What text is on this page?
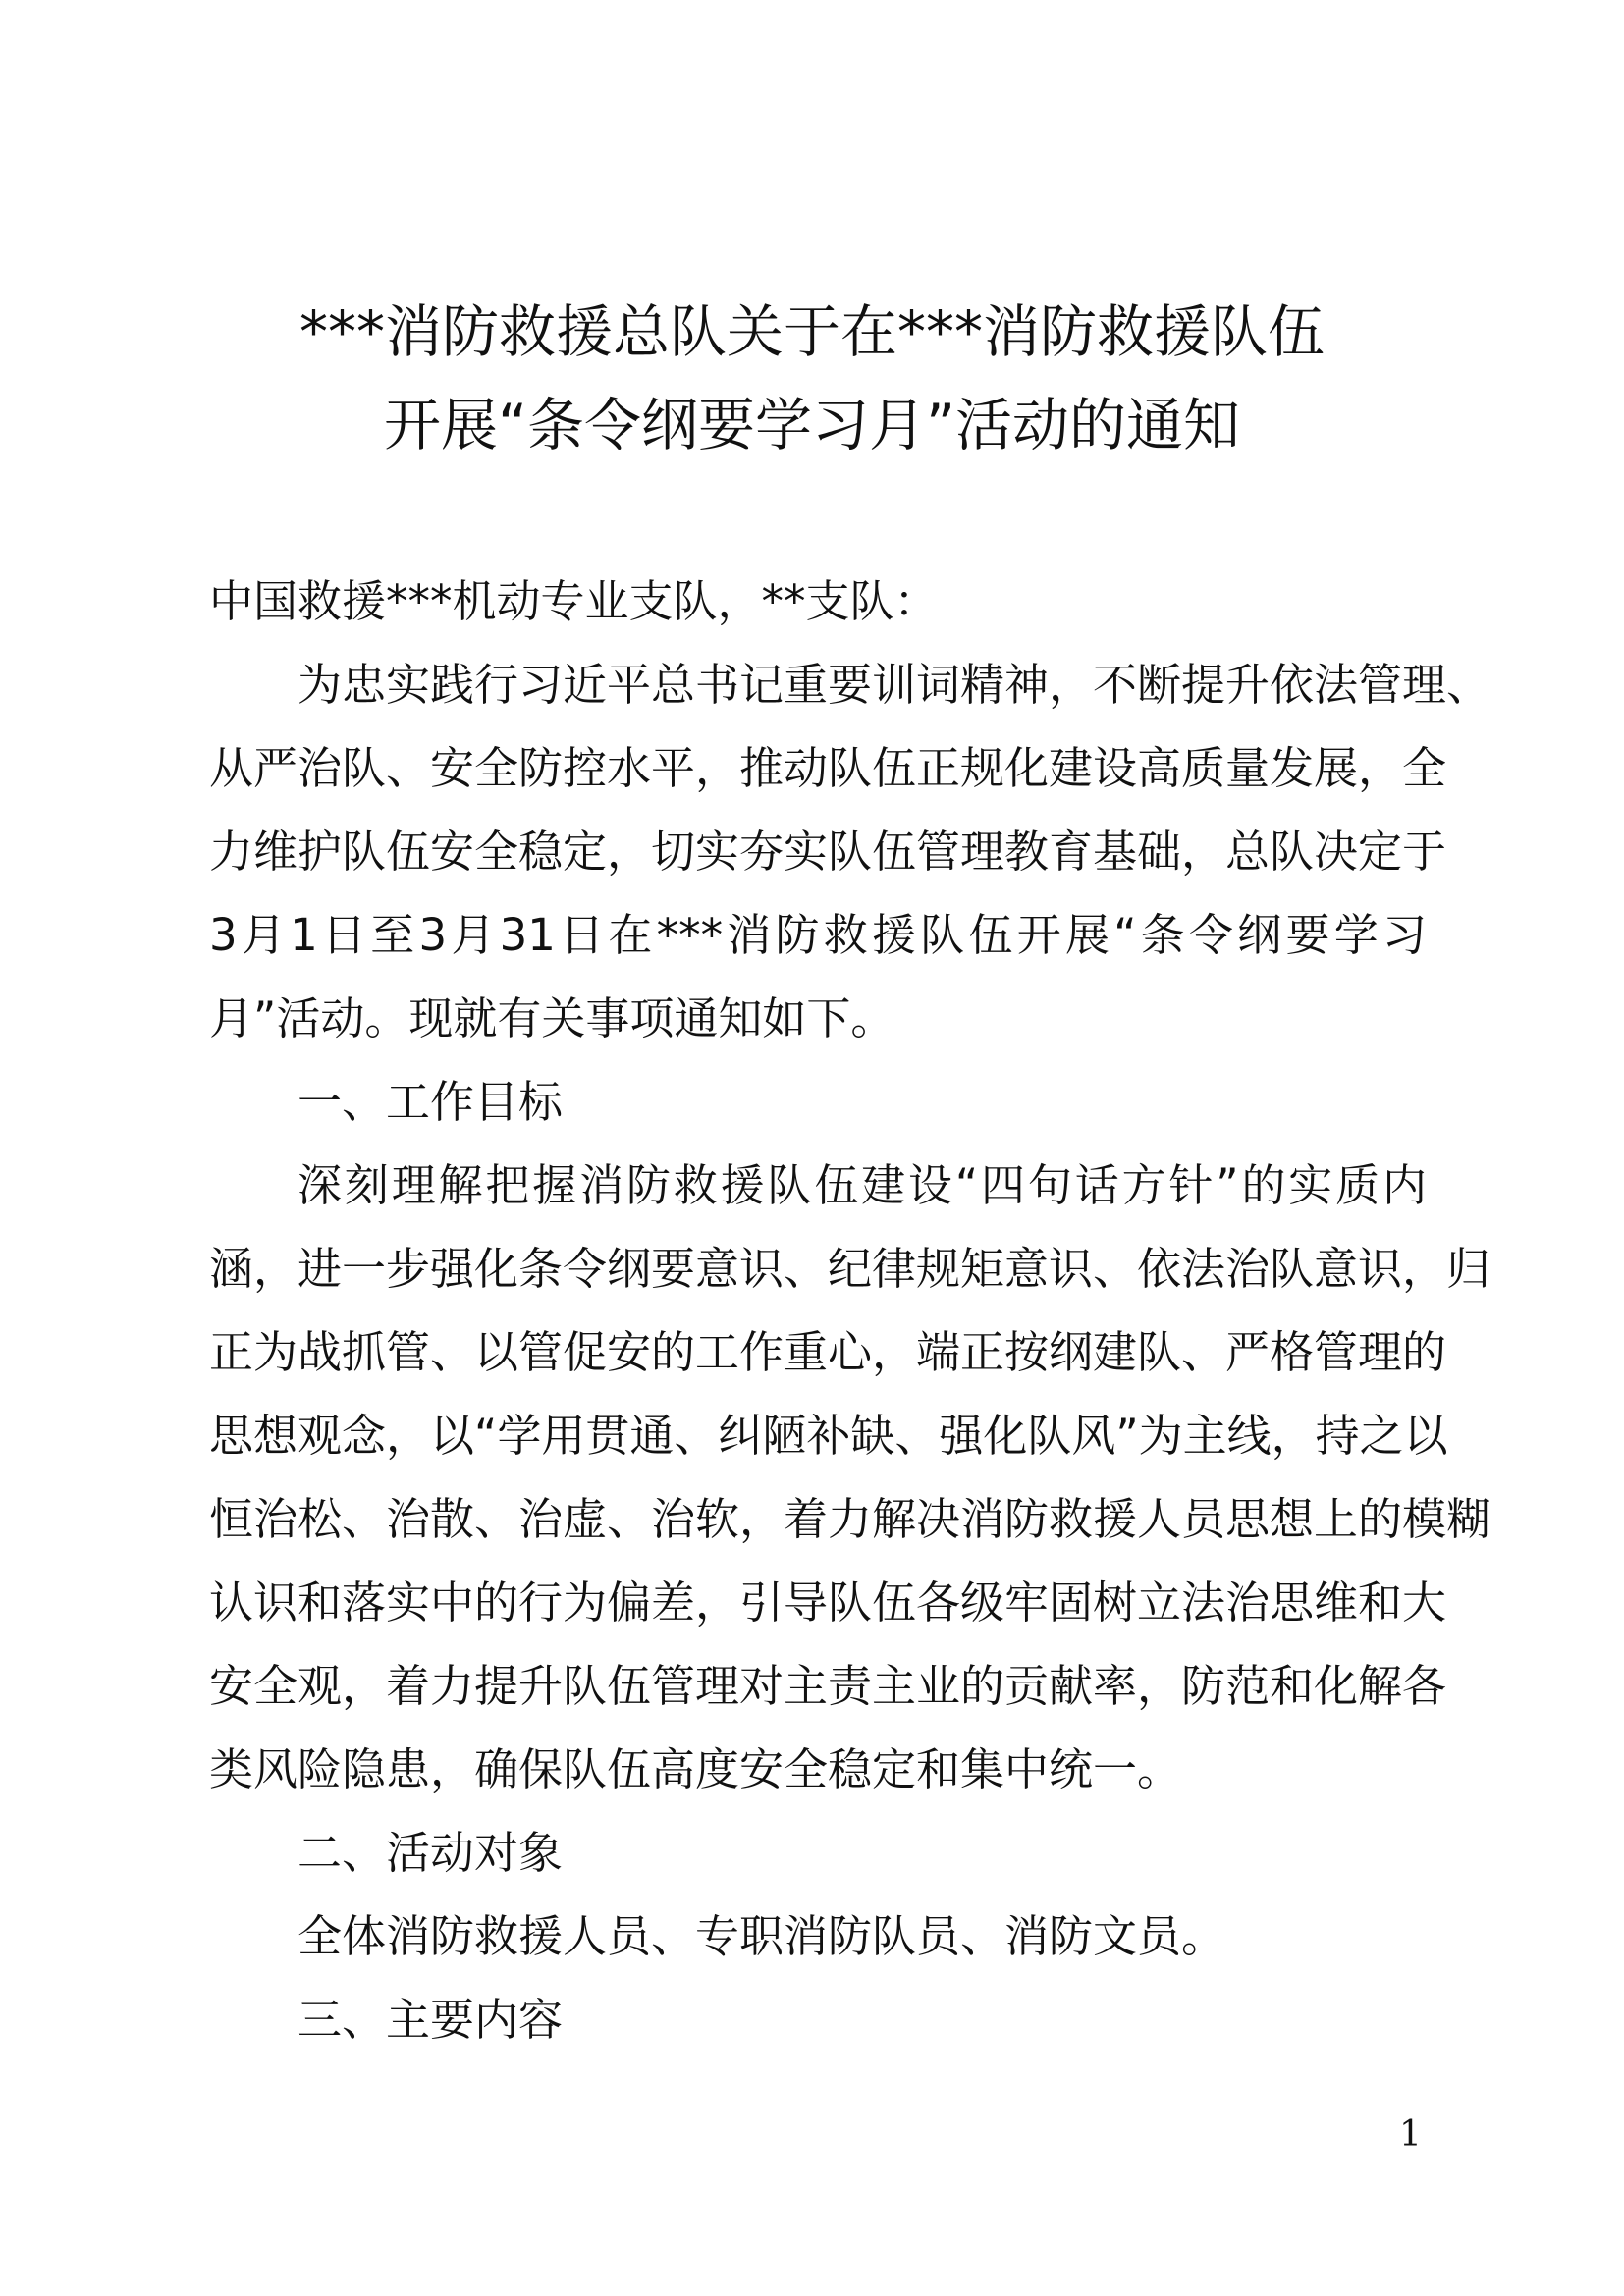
***消防救援总队关于在***消防救援队伍
开展“条令纲要学习月”活动的通知
中国救援***机动专业支队，**支队：
为忠实践行习近平总书记重要训词精神，不断提升依法管理、
从严治队、安全防控水平，推动队伍正规化建设高质量发展，全
力维护队伍安全稳定，切实夯实队伍管理教育基础，总队决定于
3月1日至3月31日在***消防救援队伍开展“条令纲要学习
月”活动。现就有关事项通知如下。
一、工作目标
深刻理解把握消防救援队伍建设“四句话方针”的实质内
涵，进一步强化条令纲要意识、纪律规矩意识、依法治队意识，归
正为战抓管、以管促安的工作重心，端正按纲建队、严格管理的
思想观念，以“学用贯通、纠陋补缺、强化队风”为主线，持之以
恒治松、治散、治虚、治软，着力解决消防救援人员思想上的模糊
认识和落实中的行为偏差，引导队伍各级牢固树立法治思维和大
安全观，着力提升队伍管理对主责主业的贡献率，防范和化解各
类风险隐患，确保队伍高度安全稳定和集中统一。
二、活动对象
全体消防救援人员、专职消防队员、消防文员。
三、主要内容
1
